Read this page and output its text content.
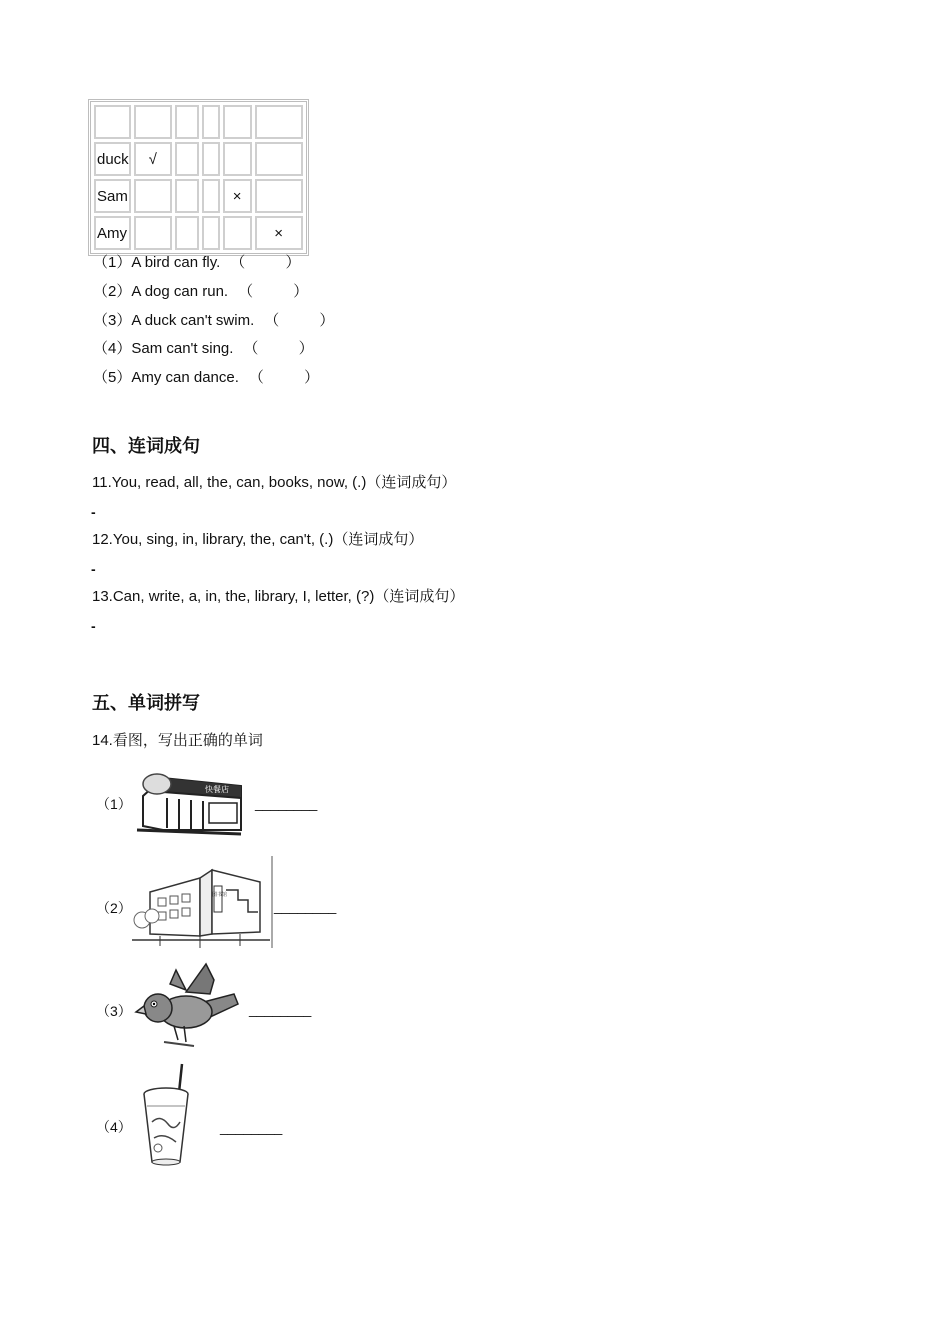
duck	√				
Sam				×	
Amy					×
（1）A bird can fly. （ ）
（2）A dog can run. （ ）
（3）A duck can't swim. （ ）
（4）Sam can't sing. （ ）
（5）Amy can dance. （ ）
四、连词成句
11.You, read, all, the, can, books, now, (.)（连词成句）
-
12.You, sing, in, library, the, can't, (.)（连词成句）
-
13.Can, write, a, in, the, library, I, letter, (?)（连词成句）
-
五、单词拼写
14.看图，写出正确的单词
（1）
快餐店
________
（2）
图书馆
________
（3）	________
（4）	________
